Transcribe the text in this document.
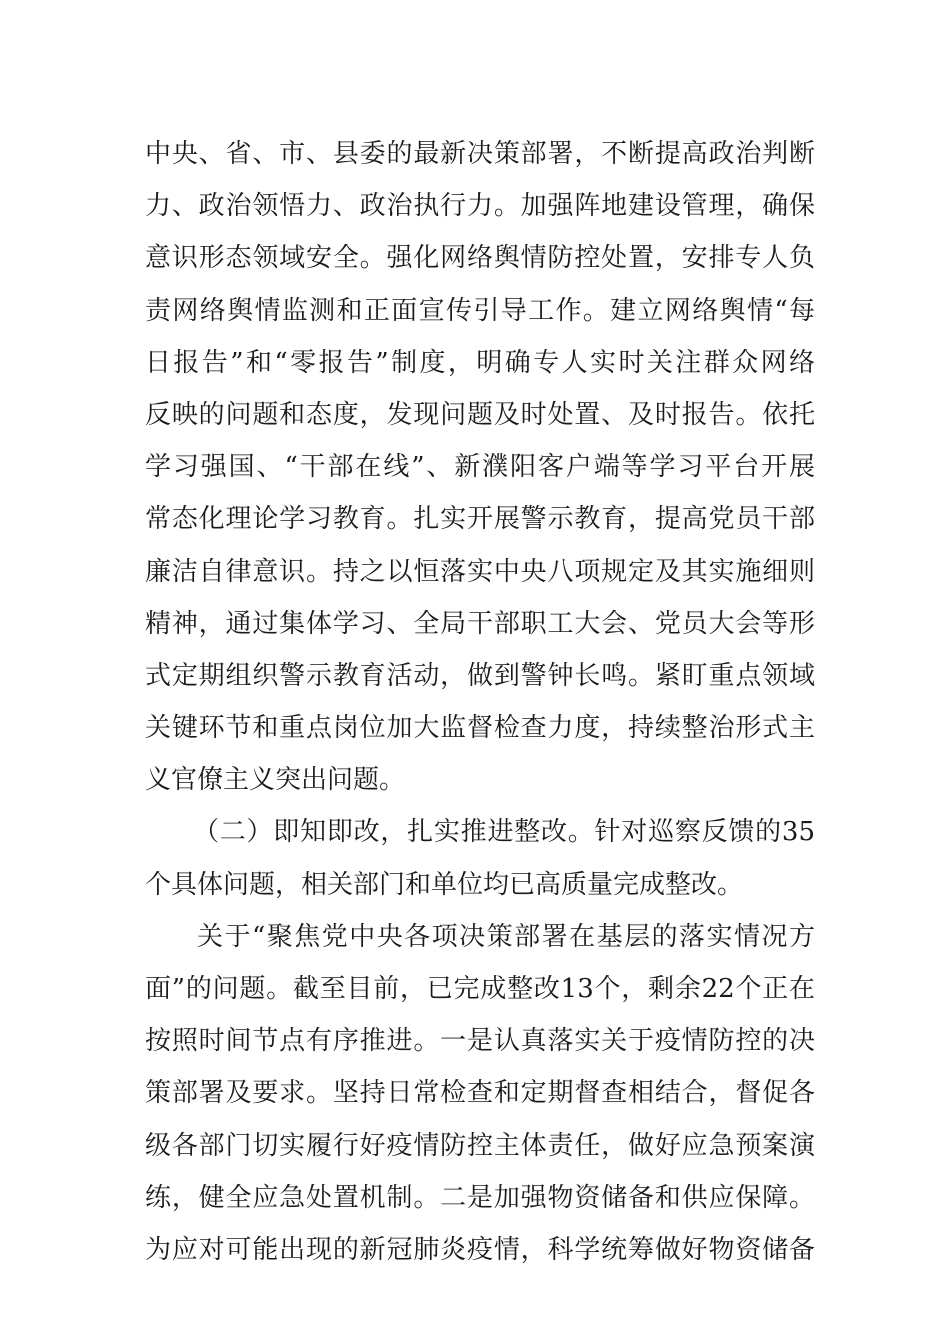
中央、省、市、县委的最新决策部署，不断提高政治判断
力、政治领悟力、政治执行力。加强阵地建设管理，确保
意识形态领域安全。强化网络舆情防控处置，安排专人负
责网络舆情监测和正面宣传引导工作。建立网络舆情“每
日报告”和“零报告”制度，明确专人实时关注群众网络
反映的问题和态度，发现问题及时处置、及时报告。依托
学习强国、“干部在线”、新濮阳客户端等学习平台开展
常态化理论学习教育。扎实开展警示教育，提高党员干部
廉洁自律意识。持之以恒落实中央八项规定及其实施细则
精神，通过集体学习、全局干部职工大会、党员大会等形
式定期组织警示教育活动，做到警钟长鸣。紧盯重点领域
关键环节和重点岗位加大监督检查力度，持续整治形式主
义官僚主义突出问题。
（二）即知即改，扎实推进整改。针对巡察反馈的35
个具体问题，相关部门和单位均已高质量完成整改。
关于“聚焦党中央各项决策部署在基层的落实情况方
面”的问题。截至目前，已完成整改13个，剩余22个正在
按照时间节点有序推进。一是认真落实关于疫情防控的决
策部署及要求。坚持日常检查和定期督查相结合，督促各
级各部门切实履行好疫情防控主体责任，做好应急预案演
练，健全应急处置机制。二是加强物资储备和供应保障。
为应对可能出现的新冠肺炎疫情，科学统筹做好物资储备
